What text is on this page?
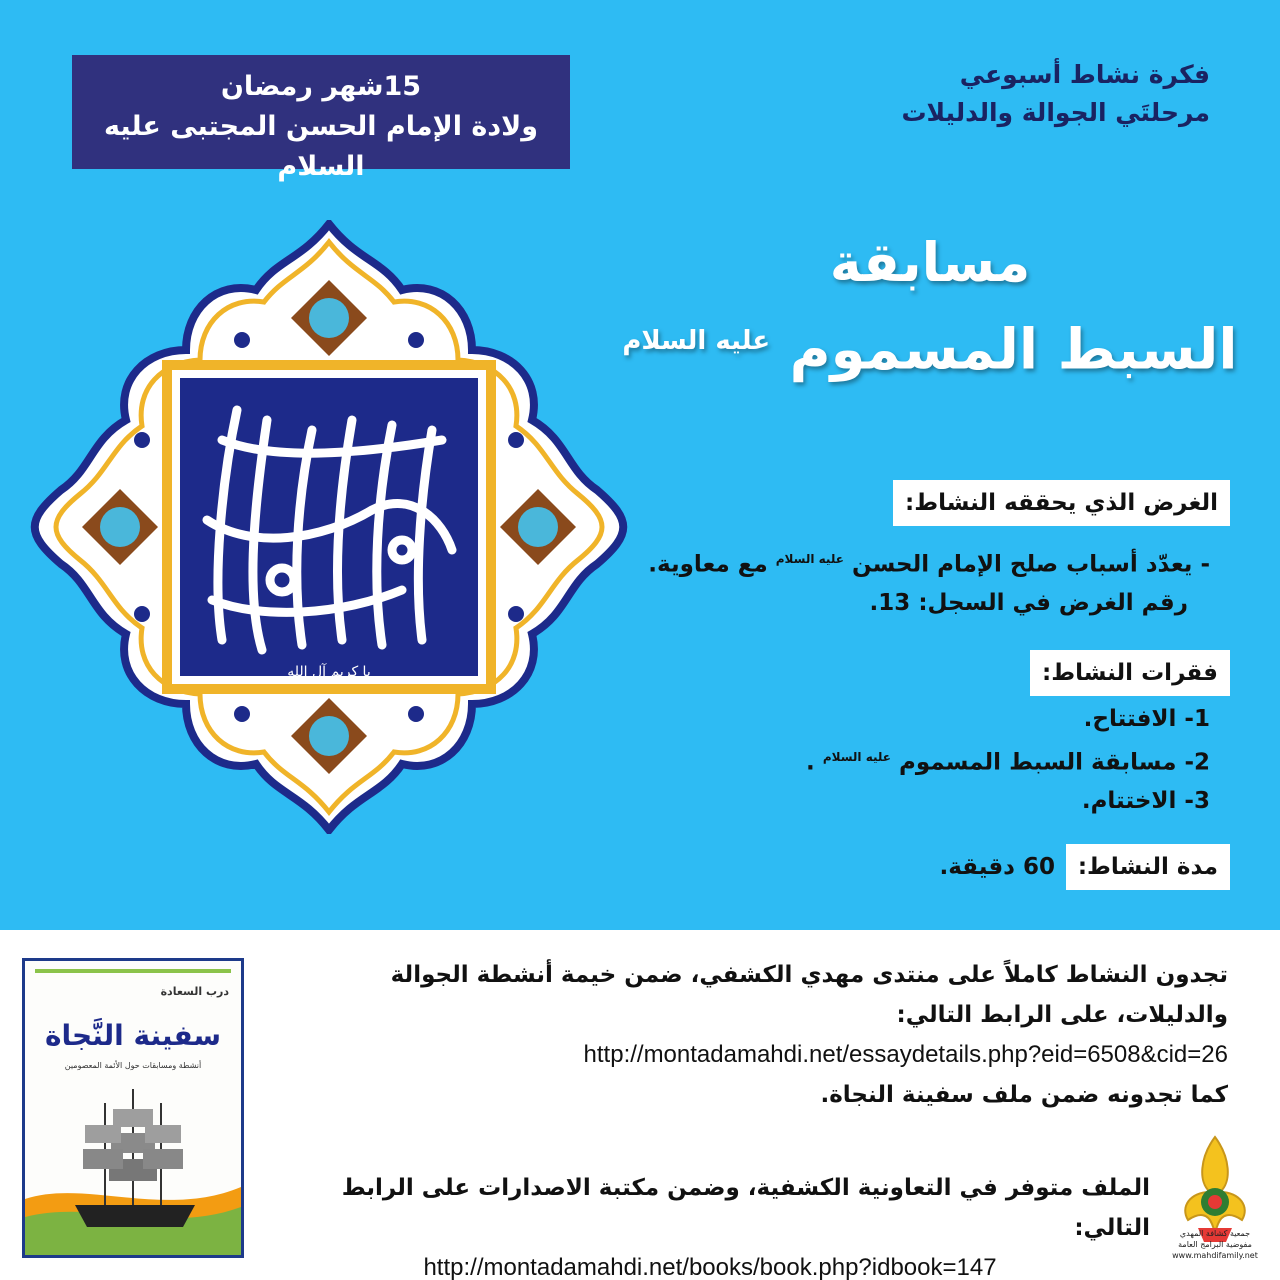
15شهر رمضان
ولادة الإمام الحسن المجتبى عليه السلام
فكرة نشاط أسبوعي
مرحلتَي الجوالة والدليلات
مسابقة
السبط المسموم $^{عليه السلام}$
يا كريم آل الله
الغرض الذي يحققه النشاط:
- يعدّد أسباب صلح الإمام الحسن $^{عليه السلام}$ مع معاوية.
رقم الغرض في السجل: 13.
فقرات النشاط:
1- الافتتاح.
2- مسابقة السبط المسموم $^{عليه السلام}$ .
3- الاختتام.
مدة النشاط:
60 دقيقة.
تجدون النشاط كاملاً على منتدى مهدي الكشفي، ضمن خيمة أنشطة الجوالة
والدليلات، على الرابط التالي:
http://montadamahdi.net/essaydetails.php?eid=6508&cid=26
كما تجدونه ضمن ملف سفينة النجاة.
الملف متوفر في التعاونية الكشفية، وضمن مكتبة الاصدارات على الرابط التالي:
http://montadamahdi.net/books/book.php?idbook=147
درب السعادة
سفينة النَّجاة
أنشطة ومسابقات حول الأئمة المعصومين
جمعية كشافة المهدي
مفوضية البرامج العامة
www.mahdifamily.net
